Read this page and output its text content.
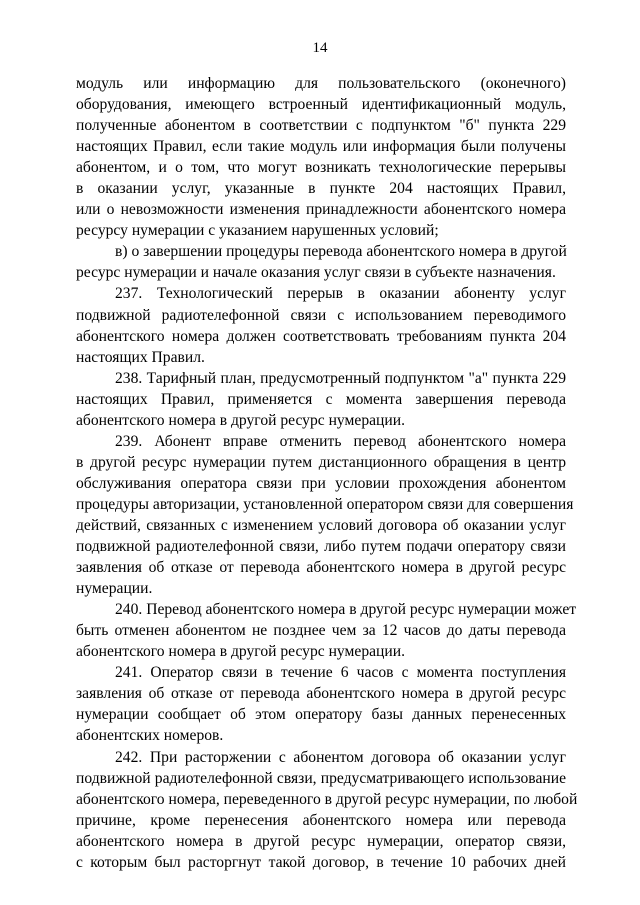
14
модуль или информацию для пользовательского (оконечного)
оборудования, имеющего встроенный идентификационный модуль,
полученные абонентом в соответствии с подпунктом "б" пункта 229
настоящих Правил, если такие модуль или информация были получены
абонентом, и о том, что могут возникать технологические перерывы
в оказании услуг, указанные в пункте 204 настоящих Правил,
или о невозможности изменения принадлежности абонентского номера
ресурсу нумерации с указанием нарушенных условий;
в) о завершении процедуры перевода абонентского номера в другой
ресурс нумерации и начале оказания услуг связи в субъекте назначения.
237. Технологический перерыв в оказании абоненту услуг
подвижной радиотелефонной связи с использованием переводимого
абонентского номера должен соответствовать требованиям пункта 204
настоящих Правил.
238. Тарифный план, предусмотренный подпунктом "а" пункта 229
настоящих Правил, применяется с момента завершения перевода
абонентского номера в другой ресурс нумерации.
239. Абонент вправе отменить перевод абонентского номера
в другой ресурс нумерации путем дистанционного обращения в центр
обслуживания оператора связи при условии прохождения абонентом
процедуры авторизации, установленной оператором связи для совершения
действий, связанных с изменением условий договора об оказании услуг
подвижной радиотелефонной связи, либо путем подачи оператору связи
заявления об отказе от перевода абонентского номера в другой ресурс
нумерации.
240. Перевод абонентского номера в другой ресурс нумерации может
быть отменен абонентом не позднее чем за 12 часов до даты перевода
абонентского номера в другой ресурс нумерации.
241. Оператор связи в течение 6 часов с момента поступления
заявления об отказе от перевода абонентского номера в другой ресурс
нумерации сообщает об этом оператору базы данных перенесенных
абонентских номеров.
242. При расторжении с абонентом договора об оказании услуг
подвижной радиотелефонной связи, предусматривающего использование
абонентского номера, переведенного в другой ресурс нумерации, по любой
причине, кроме перенесения абонентского номера или перевода
абонентского номера в другой ресурс нумерации, оператор связи,
с которым был расторгнут такой договор, в течение 10 рабочих дней
